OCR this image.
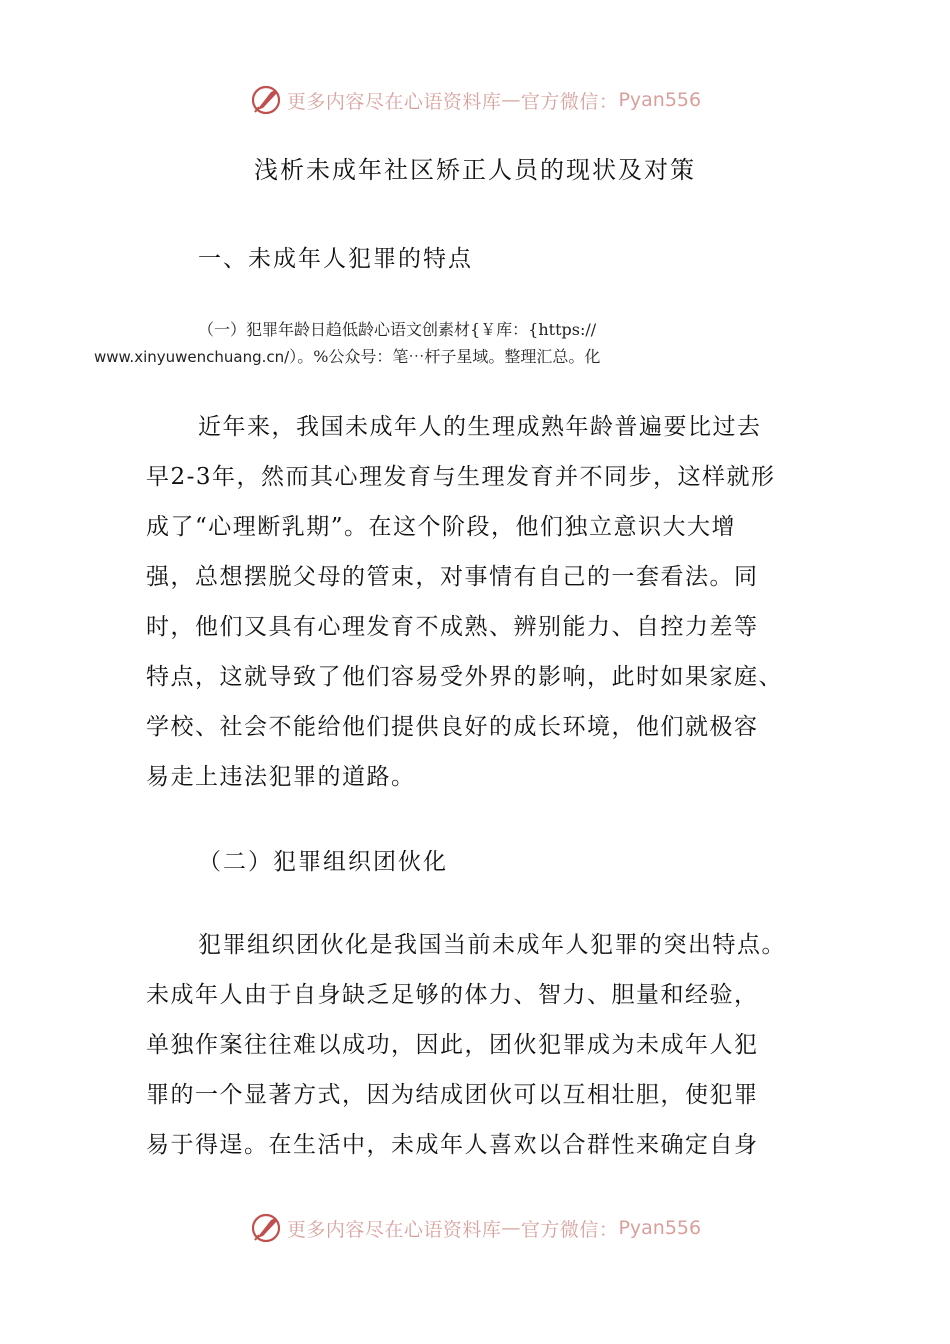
更多内容尽在心语资料库 — 官方微信： Pyan556
浅析未成年社区矫正人员的现状及对策
一、未成年人犯罪的特点
（一）犯罪年龄日趋低龄心语文创素材{￥库：{https://
www.xinyuwenchuang.cn/）。%公众号：笔⋯杆子星域。整理汇总。化
近年来，我国未成年人的生理成熟年龄普遍要比过去
早2-3年，然而其心理发育与生理发育并不同步，这样就形
成了“心理断乳期”。在这个阶段，他们独立意识大大增
强，总想摆脱父母的管束，对事情有自己的一套看法。同
时，他们又具有心理发育不成熟、辨别能力、自控力差等
特点，这就导致了他们容易受外界的影响，此时如果家庭、
学校、社会不能给他们提供良好的成长环境，他们就极容
易走上违法犯罪的道路。
（二）犯罪组织团伙化
犯罪组织团伙化是我国当前未成年人犯罪的突出特点。
未成年人由于自身缺乏足够的体力、智力、胆量和经验，
单独作案往往难以成功，因此，团伙犯罪成为未成年人犯
罪的一个显著方式，因为结成团伙可以互相壮胆，使犯罪
易于得逞。在生活中，未成年人喜欢以合群性来确定自身
更多内容尽在心语资料库 — 官方微信： Pyan556
